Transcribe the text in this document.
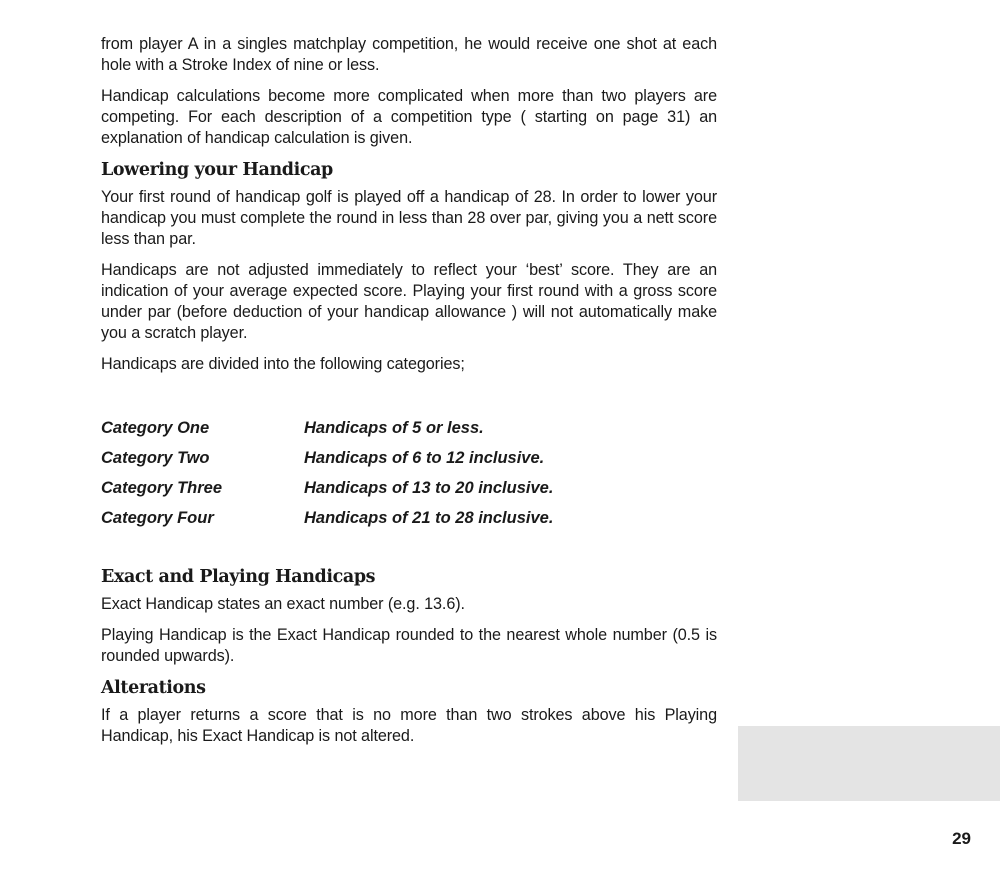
from player A in a singles matchplay competition, he would receive one shot at each hole with a Stroke Index of nine or less.

Handicap calculations become more complicated when more than two players are competing. For each description of a competition type ( starting on page 31) an explanation of handicap calculation is given.

Lowering your Handicap

Your first round of handicap golf is played off a handicap of 28. In order to lower your handicap you must complete the round in less than 28 over par, giving you a nett score less than par.

Handicaps are not adjusted immediately to reflect your ‘best’ score. They are an indication of your average expected score. Playing your first round with a gross score under par (before deduction of your handicap allowance ) will not automatically make you a scratch player.

Handicaps are divided into the following categories;

Category One	Handicaps of 5 or less.
Category Two	Handicaps of 6 to 12 inclusive.
Category Three	Handicaps of 13 to 20 inclusive.
Category Four	Handicaps of 21 to 28 inclusive.
Exact and Playing Handicaps

Exact Handicap states an exact number (e.g. 13.6).

Playing Handicap is the Exact Handicap rounded to the nearest whole number (0.5 is rounded upwards).

Alterations

If a player returns a score that is no more than two strokes above his Playing Handicap, his Exact Handicap is not altered.

29
